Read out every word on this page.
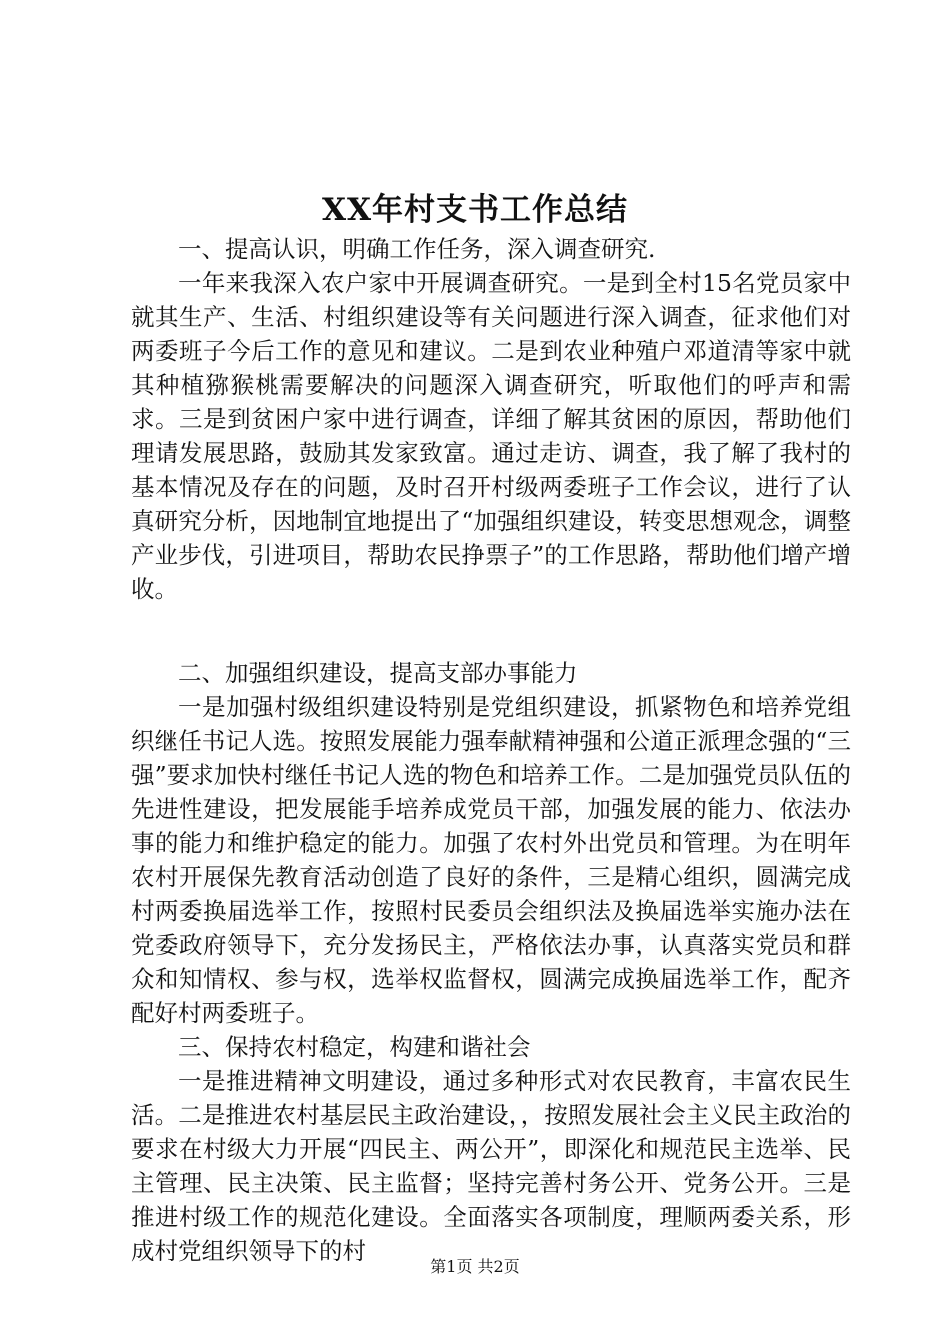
XX年村支书工作总结

一、提高认识，明确工作任务，深入调查研究.

一年来我深入农户家中开展调查研究。一是到全村15名党员家中就其生产、生活、村组织建设等有关问题进行深入调查，征求他们对两委班子今后工作的意见和建议。二是到农业种殖户邓道清等家中就其种植猕猴桃需要解决的问题深入调查研究，听取他们的呼声和需求。三是到贫困户家中进行调查，详细了解其贫困的原因，帮助他们理请发展思路，鼓励其发家致富。通过走访、调查，我了解了我村的基本情况及存在的问题，及时召开村级两委班子工作会议，进行了认真研究分析，因地制宜地提出了“加强组织建设，转变思想观念，调整产业步伐，引进项目，帮助农民挣票子”的工作思路，帮助他们增产增收。

二、加强组织建设，提高支部办事能力

一是加强村级组织建设特别是党组织建设，抓紧物色和培养党组织继任书记人选。按照发展能力强奉献精神强和公道正派理念强的“三强”要求加快村继任书记人选的物色和培养工作。二是加强党员队伍的先进性建设，把发展能手培养成党员干部，加强发展的能力、依法办事的能力和维护稳定的能力。加强了农村外出党员和管理。为在明年农村开展保先教育活动创造了良好的条件，三是精心组织，圆满完成村两委换届选举工作，按照村民委员会组织法及换届选举实施办法在党委政府领导下，充分发扬民主，严格依法办事，认真落实党员和群众和知情权、参与权，选举权监督权，圆满完成换届选举工作，配齐配好村两委班子。

三、保持农村稳定，构建和谐社会

一是推进精神文明建设，通过多种形式对农民教育，丰富农民生活。二是推进农村基层民主政治建设，，按照发展社会主义民主政治的要求在村级大力开展“四民主、两公开”，即深化和规范民主选举、民主管理、民主决策、民主监督；坚持完善村务公开、党务公开。三是推进村级工作的规范化建设。全面落实各项制度，理顺两委关系，形成村党组织领导下的村

第1页 共2页
